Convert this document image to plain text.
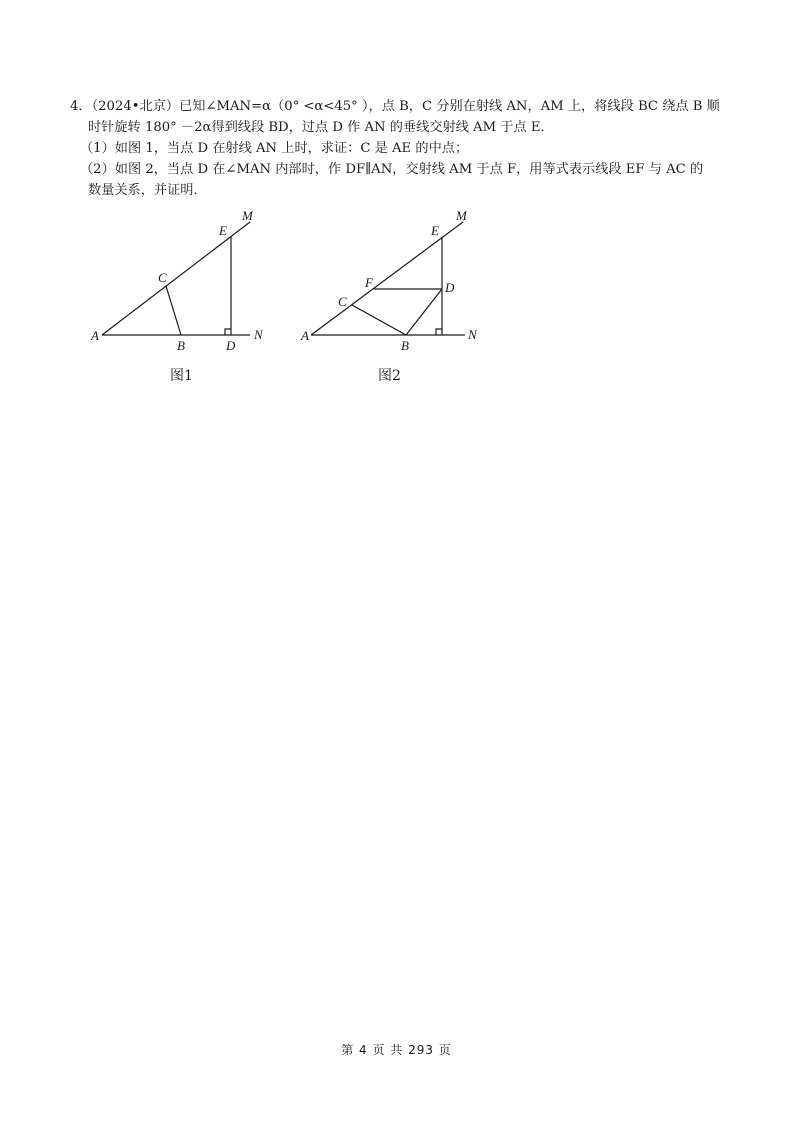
4．（2024•北京）已知∠MAN=α（0° <α<45° ），点 B，C 分别在射线 AN，AM 上，将线段 BC 绕点 B 顺
时针旋转 180° －2α得到线段 BD，过点 D 作 AN 的垂线交射线 AM 于点 E．
（1）如图 1，当点 D 在射线 AN 上时，求证：C 是 AE 的中点；
（2）如图 2，当点 D 在∠MAN 内部时，作 DF∥AN，交射线 AM 于点 F，用等式表示线段 EF 与 AC 的
数量关系，并证明．
M
E
C
A
B	D
N
图1
M
E
F	D
C
A
B
N
图2
第 4 页 共 293 页
